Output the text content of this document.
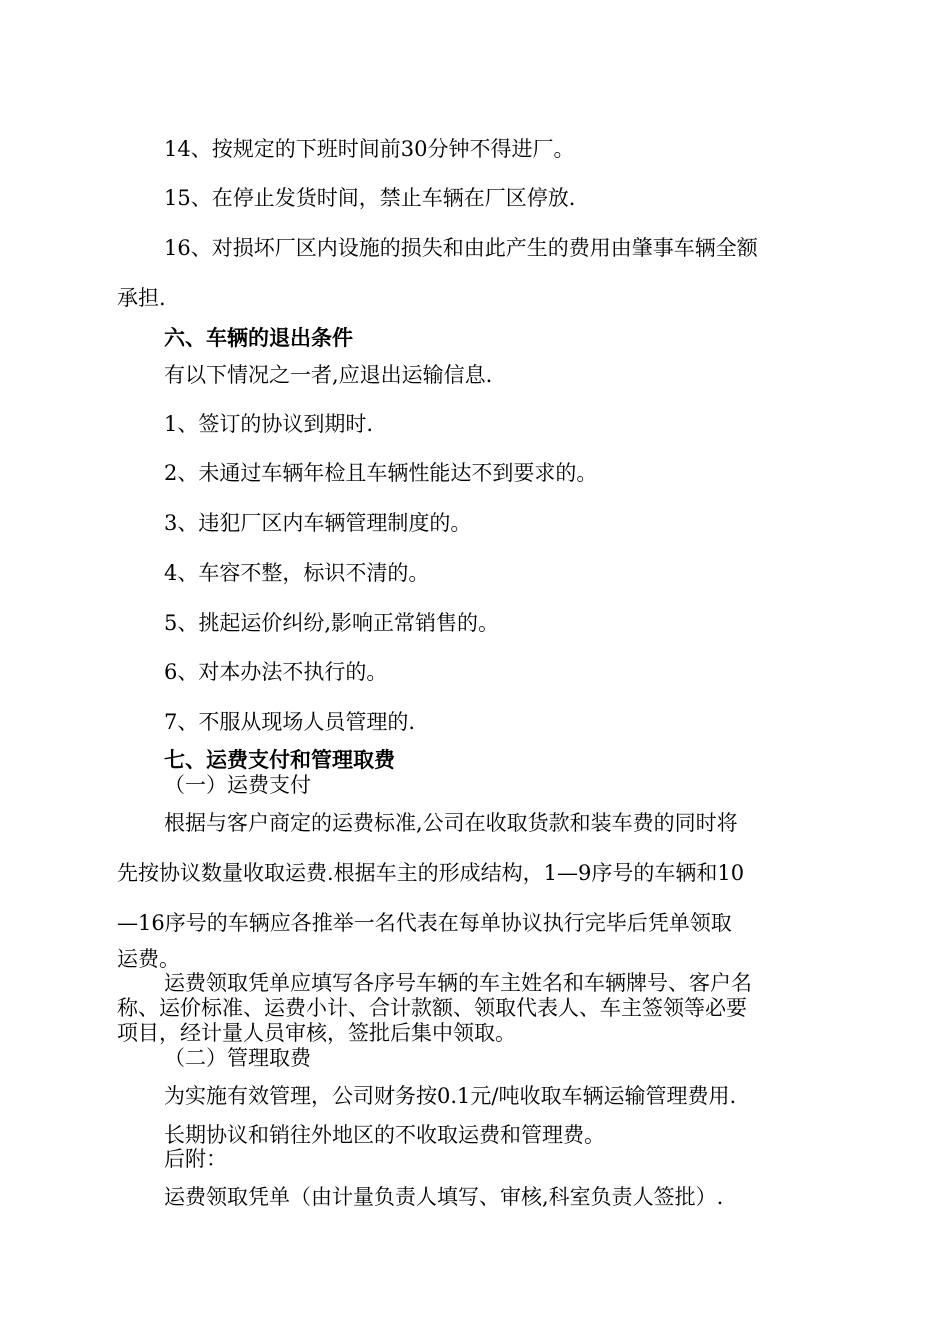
14、按规定的下班时间前30分钟不得进厂。

15、在停止发货时间，禁止车辆在厂区停放.

16、对损坏厂区内设施的损失和由此产生的费用由肇事车辆全额

承担.

六、车辆的退出条件

有以下情况之一者,应退出运输信息.

1、签订的协议到期时.

2、未通过车辆年检且车辆性能达不到要求的。

3、违犯厂区内车辆管理制度的。

4、车容不整，标识不清的。

5、挑起运价纠纷,影响正常销售的。

6、对本办法不执行的。

7、不服从现场人员管理的.

七、运费支付和管理取费

（一）运费支付

根据与客户商定的运费标准,公司在收取货款和装车费的同时将

先按协议数量收取运费.根据车主的形成结构，1—9序号的车辆和10

—16序号的车辆应各推举一名代表在每单协议执行完毕后凭单领取

运费。

运费领取凭单应填写各序号车辆的车主姓名和车辆牌号、客户名

称、运价标准、运费小计、合计款额、领取代表人、车主签领等必要

项目，经计量人员审核，签批后集中领取。

（二）管理取费

为实施有效管理，公司财务按0.1元/吨收取车辆运输管理费用.

长期协议和销往外地区的不收取运费和管理费。

后附：

运费领取凭单（由计量负责人填写、审核,科室负责人签批）.
